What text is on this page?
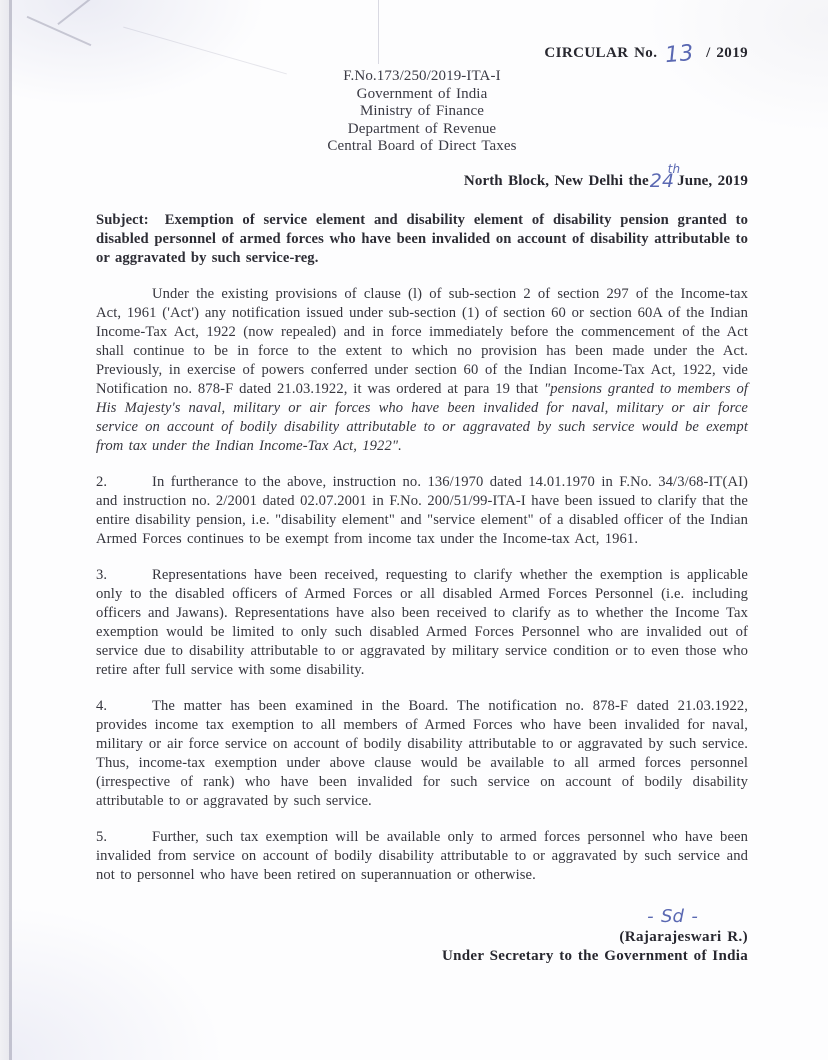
CIRCULAR No. 13 / 2019
F.No.173/250/2019-ITA-I
Government of India
Ministry of Finance
Department of Revenue
Central Board of Direct Taxes
North Block, New Delhi the24
th
June, 2019
Subject: Exemption of service element and disability element of disability pension granted to disabled personnel of armed forces who have been invalided on account of disability attributable to or aggravated by such service-reg.
Under the existing provisions of clause (l) of sub-section 2 of section 297 of the Income-tax Act, 1961 ('Act') any notification issued under sub-section (1) of section 60 or section 60A of the Indian Income-Tax Act, 1922 (now repealed) and in force immediately before the commencement of the Act shall continue to be in force to the extent to which no provision has been made under the Act. Previously, in exercise of powers conferred under section 60 of the Indian Income-Tax Act, 1922, vide Notification no. 878-F dated 21.03.1922, it was ordered at para 19 that "pensions granted to members of His Majesty's naval, military or air forces who have been invalided for naval, military or air force service on account of bodily disability attributable to or aggravated by such service would be exempt from tax under the Indian Income-Tax Act, 1922".
2.	In furtherance to the above, instruction no. 136/1970 dated 14.01.1970 in F.No. 34/3/68-IT(AI) and instruction no. 2/2001 dated 02.07.2001 in F.No. 200/51/99-ITA-I have been issued to clarify that the entire disability pension, i.e. "disability element" and "service element" of a disabled officer of the Indian Armed Forces continues to be exempt from income tax under the Income-tax Act, 1961.
3.	Representations have been received, requesting to clarify whether the exemption is applicable only to the disabled officers of Armed Forces or all disabled Armed Forces Personnel (i.e. including officers and Jawans). Representations have also been received to clarify as to whether the Income Tax exemption would be limited to only such disabled Armed Forces Personnel who are invalided out of service due to disability attributable to or aggravated by military service condition or to even those who retire after full service with some disability.
4.	The matter has been examined in the Board. The notification no. 878-F dated 21.03.1922, provides income tax exemption to all members of Armed Forces who have been invalided for naval, military or air force service on account of bodily disability attributable to or aggravated by such service. Thus, income-tax exemption under above clause would be available to all armed forces personnel (irrespective of rank) who have been invalided for such service on account of bodily disability attributable to or aggravated by such service.
5.	Further, such tax exemption will be available only to armed forces personnel who have been invalided from service on account of bodily disability attributable to or aggravated by such service and not to personnel who have been retired on superannuation or otherwise.
- Sd -
(Rajarajeswari R.)
Under Secretary to the Government of India
